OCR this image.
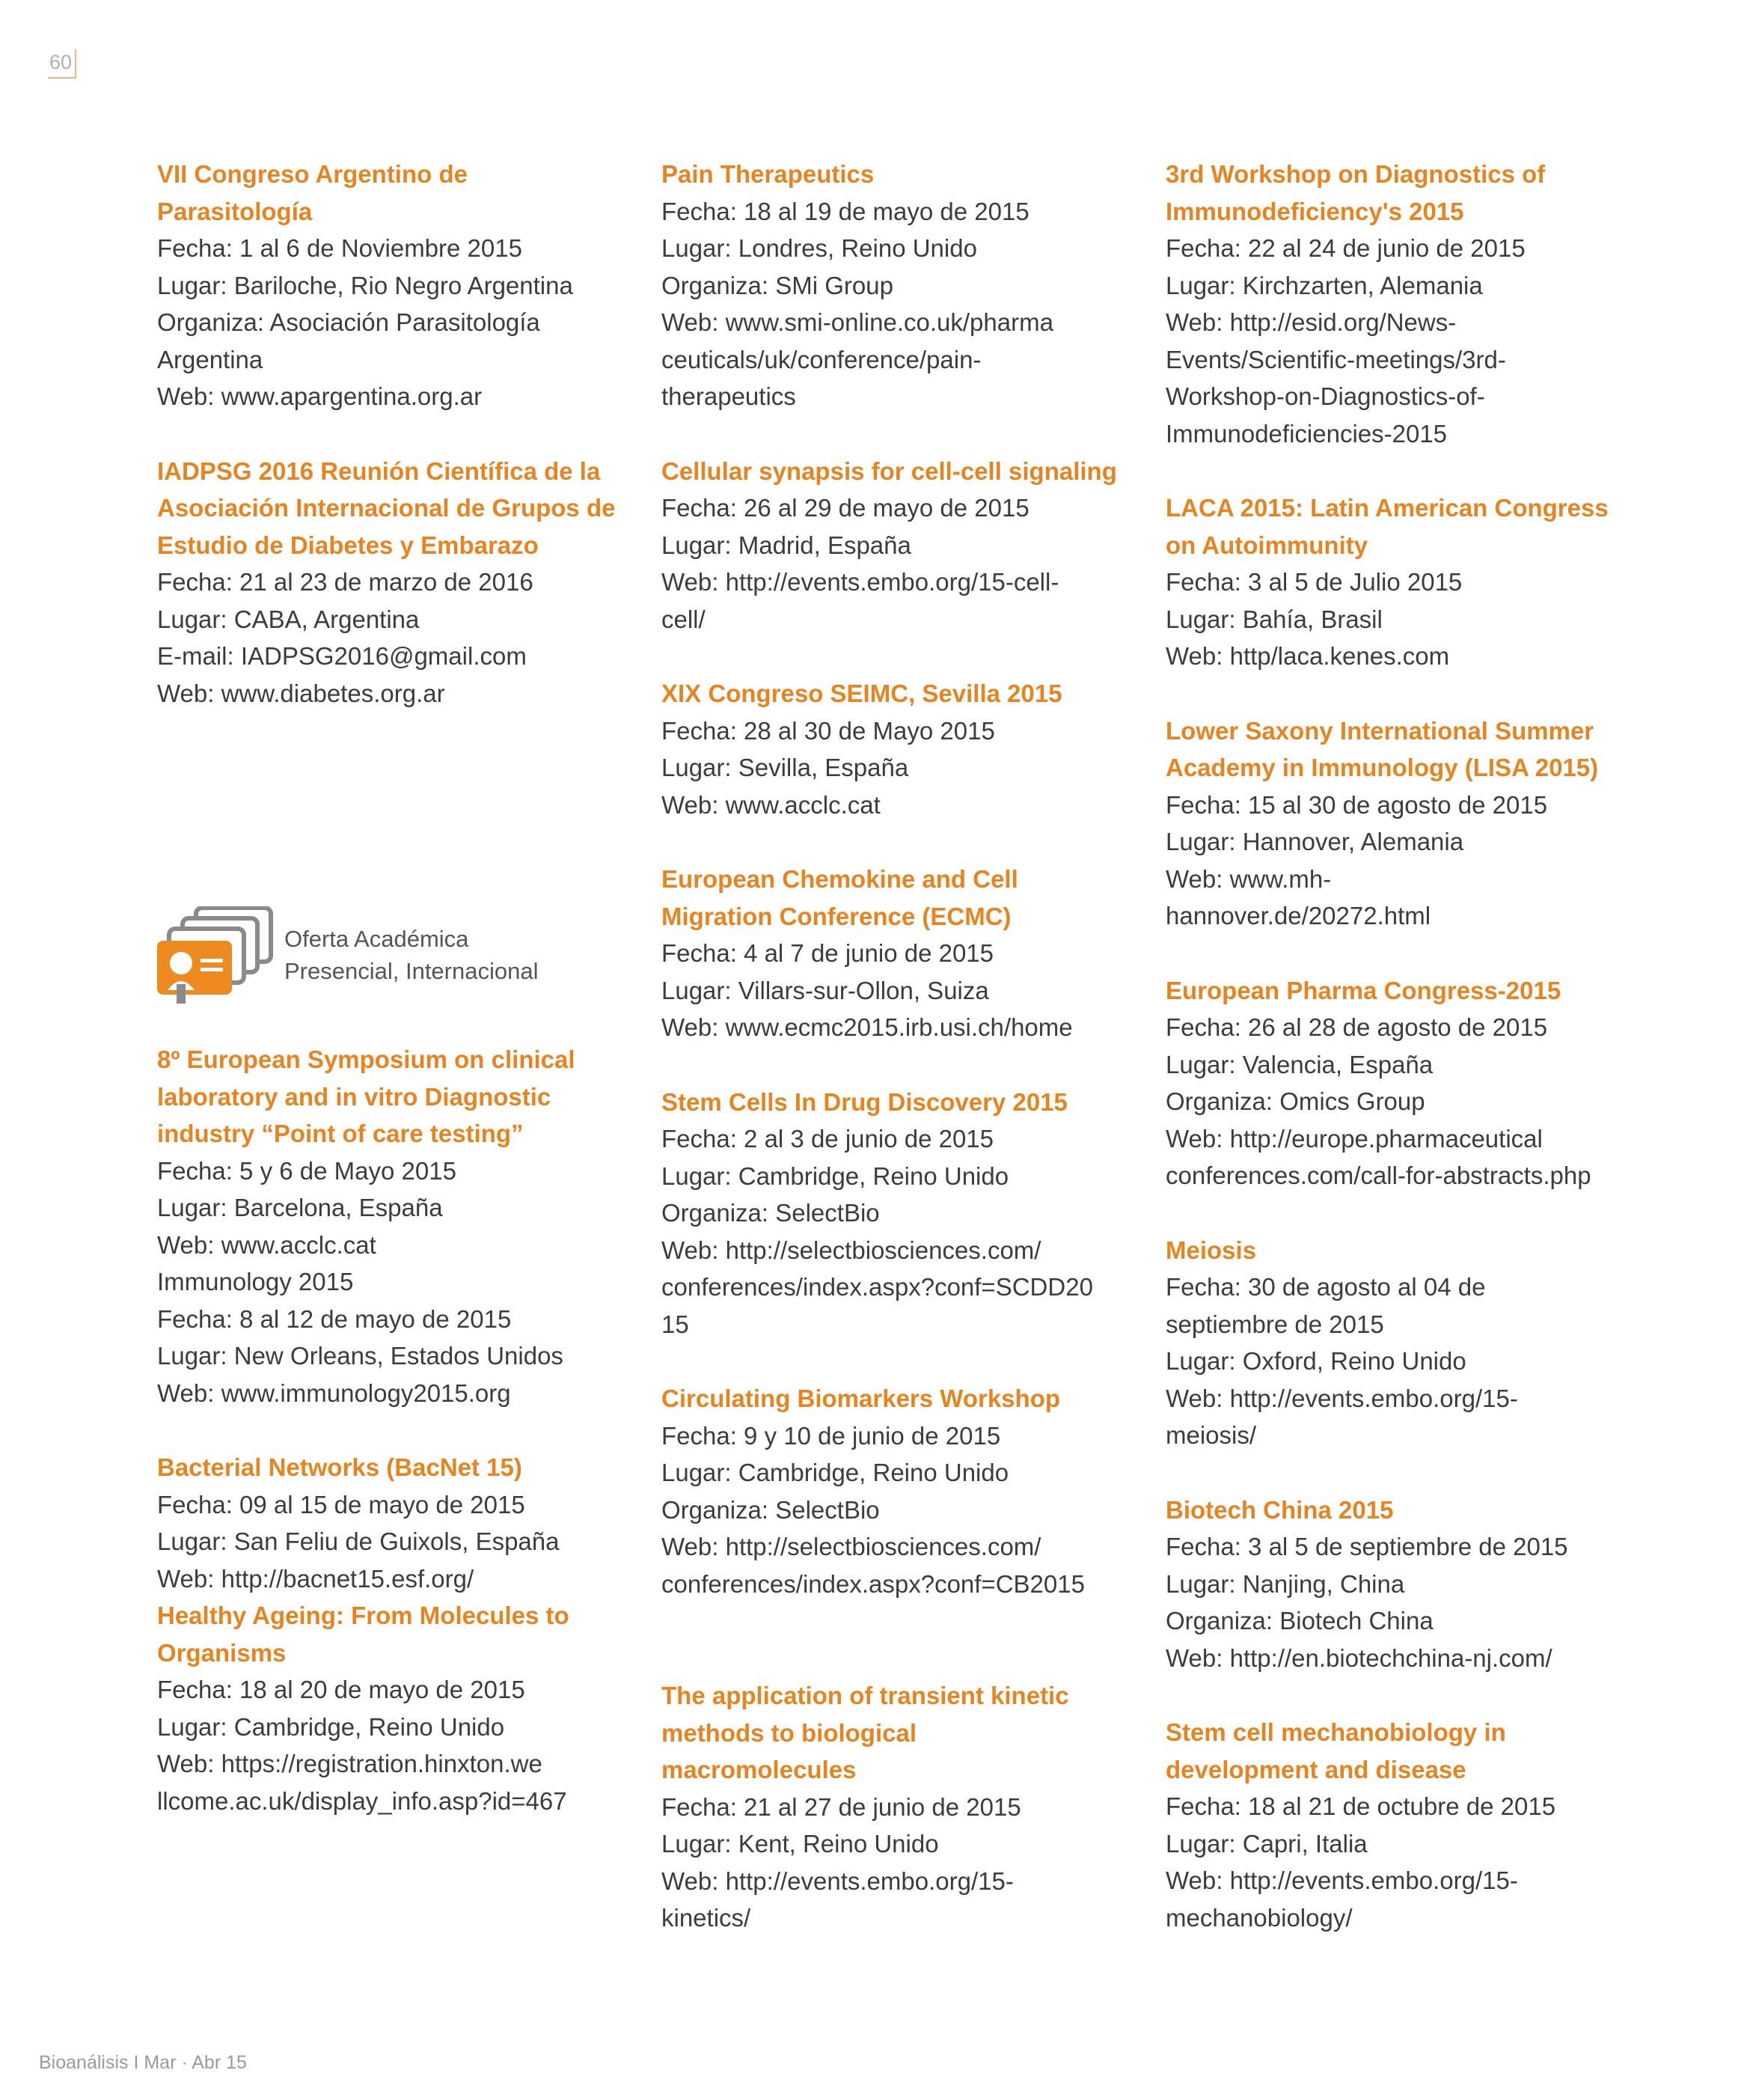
60
VII Congreso Argentino de
Parasitología
Fecha: 1 al 6 de Noviembre 2015
Lugar: Bariloche, Rio Negro Argentina
Organiza: Asociación Parasitología
Argentina
Web: www.apargentina.org.ar
IADPSG 2016 Reunión Científica de la
Asociación Internacional de Grupos de
Estudio de Diabetes y Embarazo
Fecha: 21 al 23 de marzo de 2016
Lugar: CABA, Argentina
E-mail: IADPSG2016@gmail.com
Web: www.diabetes.org.ar
Oferta Académica
Presencial, Internacional
8º European Symposium on clinical
laboratory and in vitro Diagnostic
industry “Point of care testing”
Fecha: 5 y 6 de Mayo 2015
Lugar: Barcelona, España
Web: www.acclc.cat
Immunology 2015
Fecha: 8 al 12 de mayo de 2015
Lugar: New Orleans, Estados Unidos
Web: www.immunology2015.org
Bacterial Networks (BacNet 15)
Fecha: 09 al 15 de mayo de 2015
Lugar: San Feliu de Guixols, España
Web: http://bacnet15.esf.org/
Healthy Ageing: From Molecules to
Organisms
Fecha: 18 al 20 de mayo de 2015
Lugar: Cambridge, Reino Unido
Web: https://registration.hinxton.we
llcome.ac.uk/display_info.asp?id=467
Pain Therapeutics
Fecha: 18 al 19 de mayo de 2015
Lugar: Londres, Reino Unido
Organiza: SMi Group
Web: www.smi-online.co.uk/pharma
ceuticals/uk/conference/pain-
therapeutics
Cellular synapsis for cell-cell signaling
Fecha: 26 al 29 de mayo de 2015
Lugar: Madrid, España
Web: http://events.embo.org/15-cell-
cell/
XIX Congreso SEIMC, Sevilla 2015
Fecha: 28 al 30 de Mayo 2015
Lugar: Sevilla, España
Web: www.acclc.cat
European Chemokine and Cell
Migration Conference (ECMC)
Fecha: 4 al 7 de junio de 2015
Lugar: Villars-sur-Ollon, Suiza
Web: www.ecmc2015.irb.usi.ch/home
Stem Cells In Drug Discovery 2015
Fecha: 2 al 3 de junio de 2015
Lugar: Cambridge, Reino Unido
Organiza: SelectBio
Web: http://selectbiosciences.com/
conferences/index.aspx?conf=SCDD20
15
Circulating Biomarkers Workshop
Fecha: 9 y 10 de junio de 2015
Lugar: Cambridge, Reino Unido
Organiza: SelectBio
Web: http://selectbiosciences.com/
conferences/index.aspx?conf=CB2015
The application of transient kinetic
methods to biological
macromolecules
Fecha: 21 al 27 de junio de 2015
Lugar: Kent, Reino Unido
Web: http://events.embo.org/15-
kinetics/
3rd Workshop on Diagnostics of
Immunodeficiency's 2015
Fecha: 22 al 24 de junio de 2015
Lugar: Kirchzarten, Alemania
Web: http://esid.org/News-
Events/Scientific-meetings/3rd-
Workshop-on-Diagnostics-of-
Immunodeficiencies-2015
LACA 2015: Latin American Congress
on Autoimmunity
Fecha: 3 al 5 de Julio 2015
Lugar: Bahía, Brasil
Web: http/laca.kenes.com
Lower Saxony International Summer
Academy in Immunology (LISA 2015)
Fecha: 15 al 30 de agosto de 2015
Lugar: Hannover, Alemania
Web: www.mh-
hannover.de/20272.html
European Pharma Congress-2015
Fecha: 26 al 28 de agosto de 2015
Lugar: Valencia, España
Organiza: Omics Group
Web: http://europe.pharmaceutical
conferences.com/call-for-abstracts.php
Meiosis
Fecha: 30 de agosto al 04 de
septiembre de 2015
Lugar: Oxford, Reino Unido
Web: http://events.embo.org/15-
meiosis/
Biotech China 2015
Fecha: 3 al 5 de septiembre de 2015
Lugar: Nanjing, China
Organiza: Biotech China
Web: http://en.biotechchina-nj.com/
Stem cell mechanobiology in
development and disease
Fecha: 18 al 21 de octubre de 2015
Lugar: Capri, Italia
Web: http://events.embo.org/15-
mechanobiology/
Bioanálisis I Mar · Abr 15
